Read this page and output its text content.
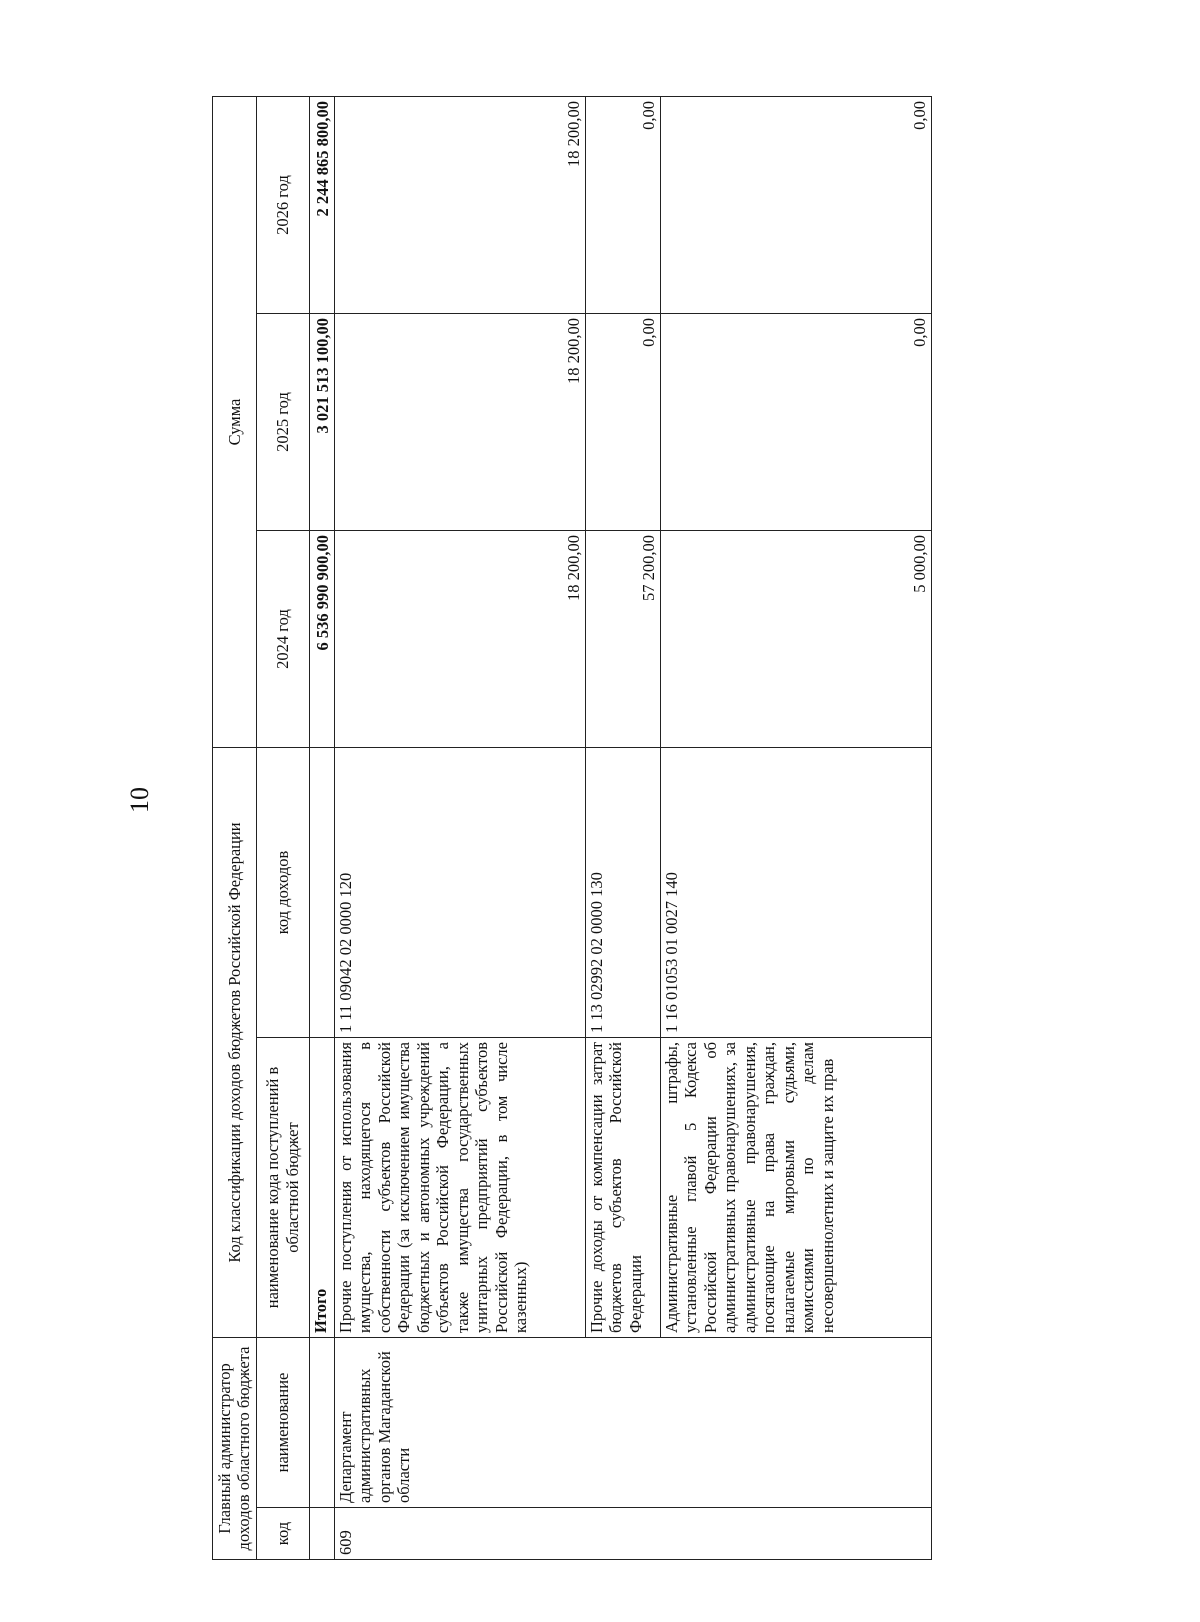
10
Главный администратор доходов областного бюджета		Код классификации доходов бюджетов Российской Федерации		Сумма		
код	наименование	наименование кода поступлений в областной бюджет	код доходов	2024 год	2025 год	2026 год
		Итого		6 536 990 900,00	3 021 513 100,00	2 244 865 800,00
609	Департамент административных органов Магаданской области	Прочие поступления от использования имущества, находящегося в собственности субъектов Российской Федерации (за исключением имущества бюджетных и автономных учреждений субъектов Российской Федерации, а также имущества государственных унитарных предприятий субъектов Российской Федерации, в том числе казенных)	1 11 09042 02 0000 120	18 200,00	18 200,00	18 200,00
		Прочие доходы от компенсации затрат бюджетов субъектов Российской Федерации	1 13 02992 02 0000 130	57 200,00	0,00	0,00
		Административные штрафы, установленные главой 5 Кодекса Российской Федерации об административных правонарушениях, за административные правонарушения, посягающие на права граждан, налагаемые мировыми судьями, комиссиями по делам несовершеннолетних и защите их прав	1 16 01053 01 0027 140	5 000,00	0,00	0,00
